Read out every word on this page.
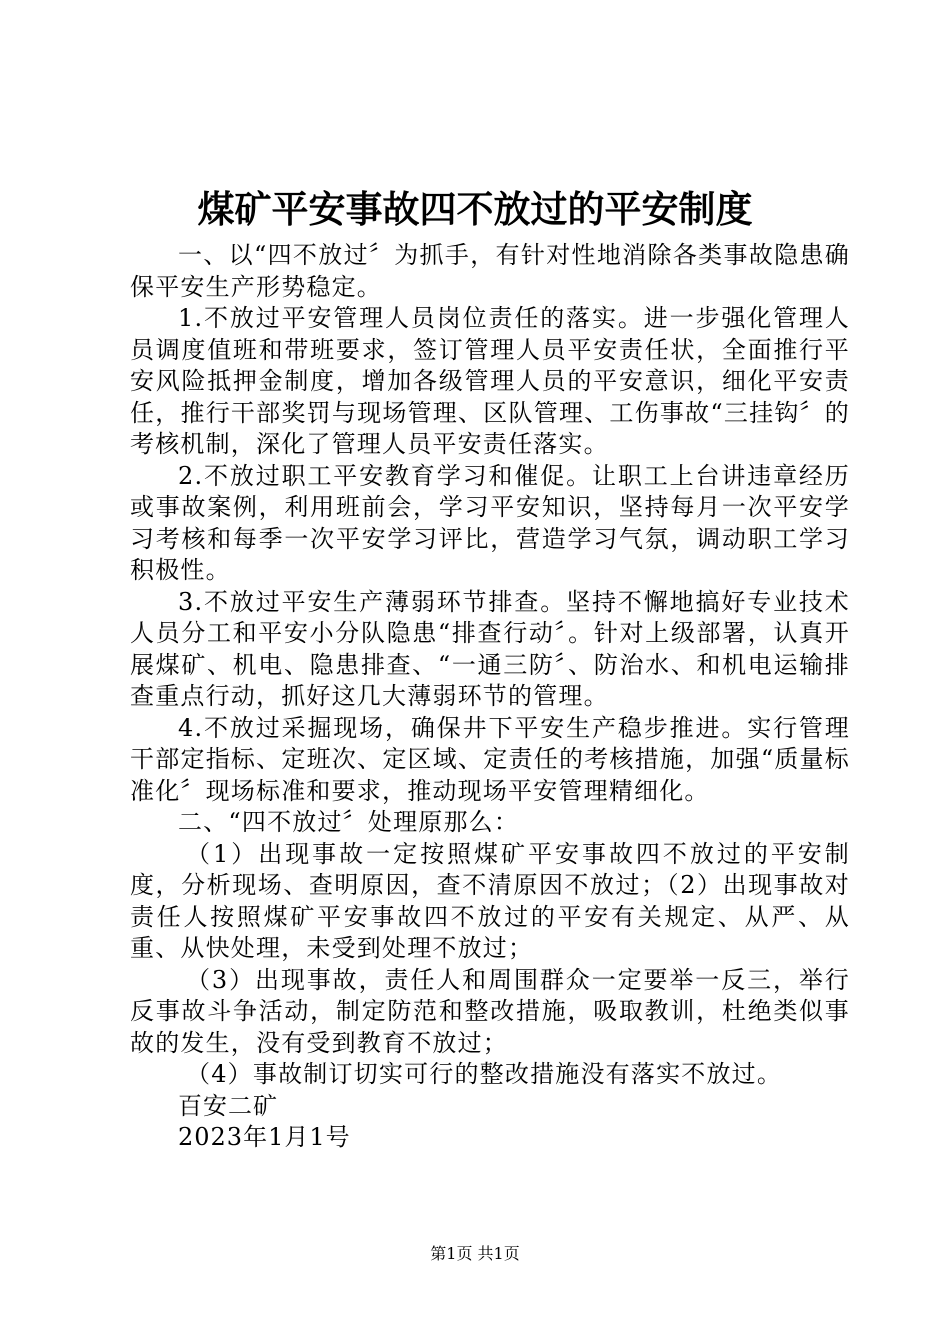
煤矿平安事故四不放过的平安制度

一、以“四不放过〞为抓手，有针对性地消除各类事故隐患确保平安生产形势稳定。

1.不放过平安管理人员岗位责任的落实。进一步强化管理人员调度值班和带班要求，签订管理人员平安责任状，全面推行平安风险抵押金制度，增加各级管理人员的平安意识，细化平安责任，推行干部奖罚与现场管理、区队管理、工伤事故“三挂钩〞的考核机制，深化了管理人员平安责任落实。

2.不放过职工平安教育学习和催促。让职工上台讲违章经历或事故案例，利用班前会，学习平安知识，坚持每月一次平安学习考核和每季一次平安学习评比，营造学习气氛，调动职工学习积极性。

3.不放过平安生产薄弱环节排查。坚持不懈地搞好专业技术人员分工和平安小分队隐患“排查行动〞。针对上级部署，认真开展煤矿、机电、隐患排查、“一通三防〞、防治水、和机电运输排查重点行动，抓好这几大薄弱环节的管理。

4.不放过采掘现场，确保井下平安生产稳步推进。实行管理干部定指标、定班次、定区域、定责任的考核措施，加强“质量标准化〞现场标准和要求，推动现场平安管理精细化。

二、“四不放过〞处理原那么：

（1）出现事故一定按照煤矿平安事故四不放过的平安制度，分析现场、查明原因，查不清原因不放过；（2）出现事故对责任人按照煤矿平安事故四不放过的平安有关规定、从严、从重、从快处理，未受到处理不放过；

（3）出现事故，责任人和周围群众一定要举一反三，举行反事故斗争活动，制定防范和整改措施，吸取教训，杜绝类似事故的发生，没有受到教育不放过；

（4）事故制订切实可行的整改措施没有落实不放过。

百安二矿

2023年1月1号

第1页 共1页
